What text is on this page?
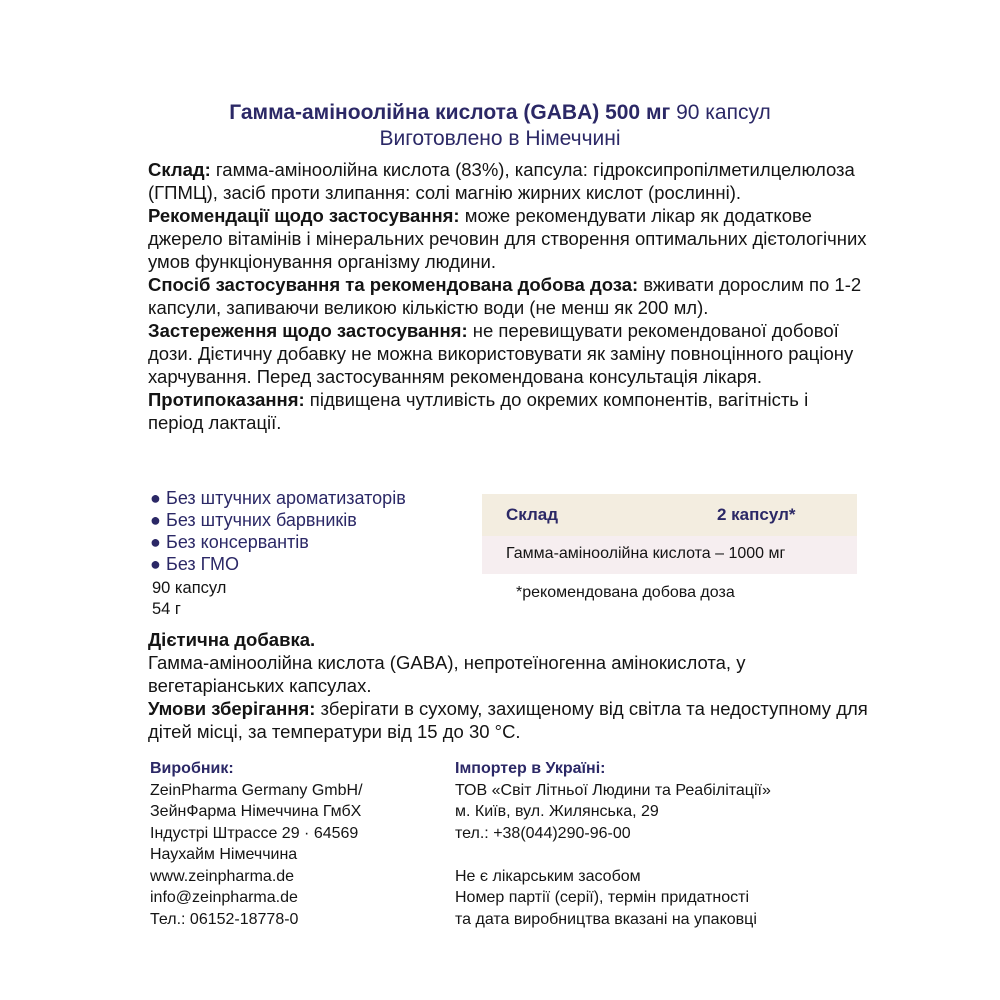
Гамма-аміноолійна кислота (GABA) 500 мг 90 капсул
Виготовлено в Німеччині

Склад: гамма-аміноолійна кислота (83%), капсула: гідроксипропілметилцелюлоза (ГПМЦ), засіб проти злипання: солі магнію жирних кислот (рослинні).

Рекомендації щодо застосування: може рекомендувати лікар як додаткове джерело вітамінів і мінеральних речовин для створення оптимальних дієтологічних умов функціонування організму людини.

Спосіб застосування та рекомендована добова доза: вживати дорослим по 1-2 капсули, запиваючи великою кількістю води (не менш як 200 мл).

Застереження щодо застосування: не перевищувати рекомендованої добової дози. Дієтичну добавку не можна використовувати як заміну повноцінного раціону харчування. Перед застосуванням рекомендована консультація лікаря.

Протипоказання: підвищена чутливість до окремих компонентів, вагітність і період лактації.

● Без штучних ароматизаторів
● Без штучних барвників
● Без консервантів
● Без ГМО
90 капсул
54 г
Склад	2 капсул*
Гамма-аміноолійна кислота – 1000 мг
*рекомендована добова доза

Дієтична добавка.

Гамма-аміноолійна кислота (GABA), непротеїногенна амінокислота, у вегетаріанських капсулах.

Умови зберігання: зберігати в сухому, захищеному від світла та недоступному для дітей місці, за температури від 15 до 30 °C.

Виробник:
ZeinPharma Germany GmbH/
ЗейнФарма Німеччина ГмбХ
Індустрі Штрассе 29 · 64569
Наухайм Німеччина
www.zeinpharma.de
info@zeinpharma.de
Тел.: 06152-18778-0
Імпортер в Україні:
ТОВ «Світ Літньої Людини та Реабілітації»
м. Київ, вул. Жилянська, 29
тел.: +38(044)290-96-00
Не є лікарським засобом
Номер партії (серії), термін придатності
та дата виробництва вказані на упаковці
